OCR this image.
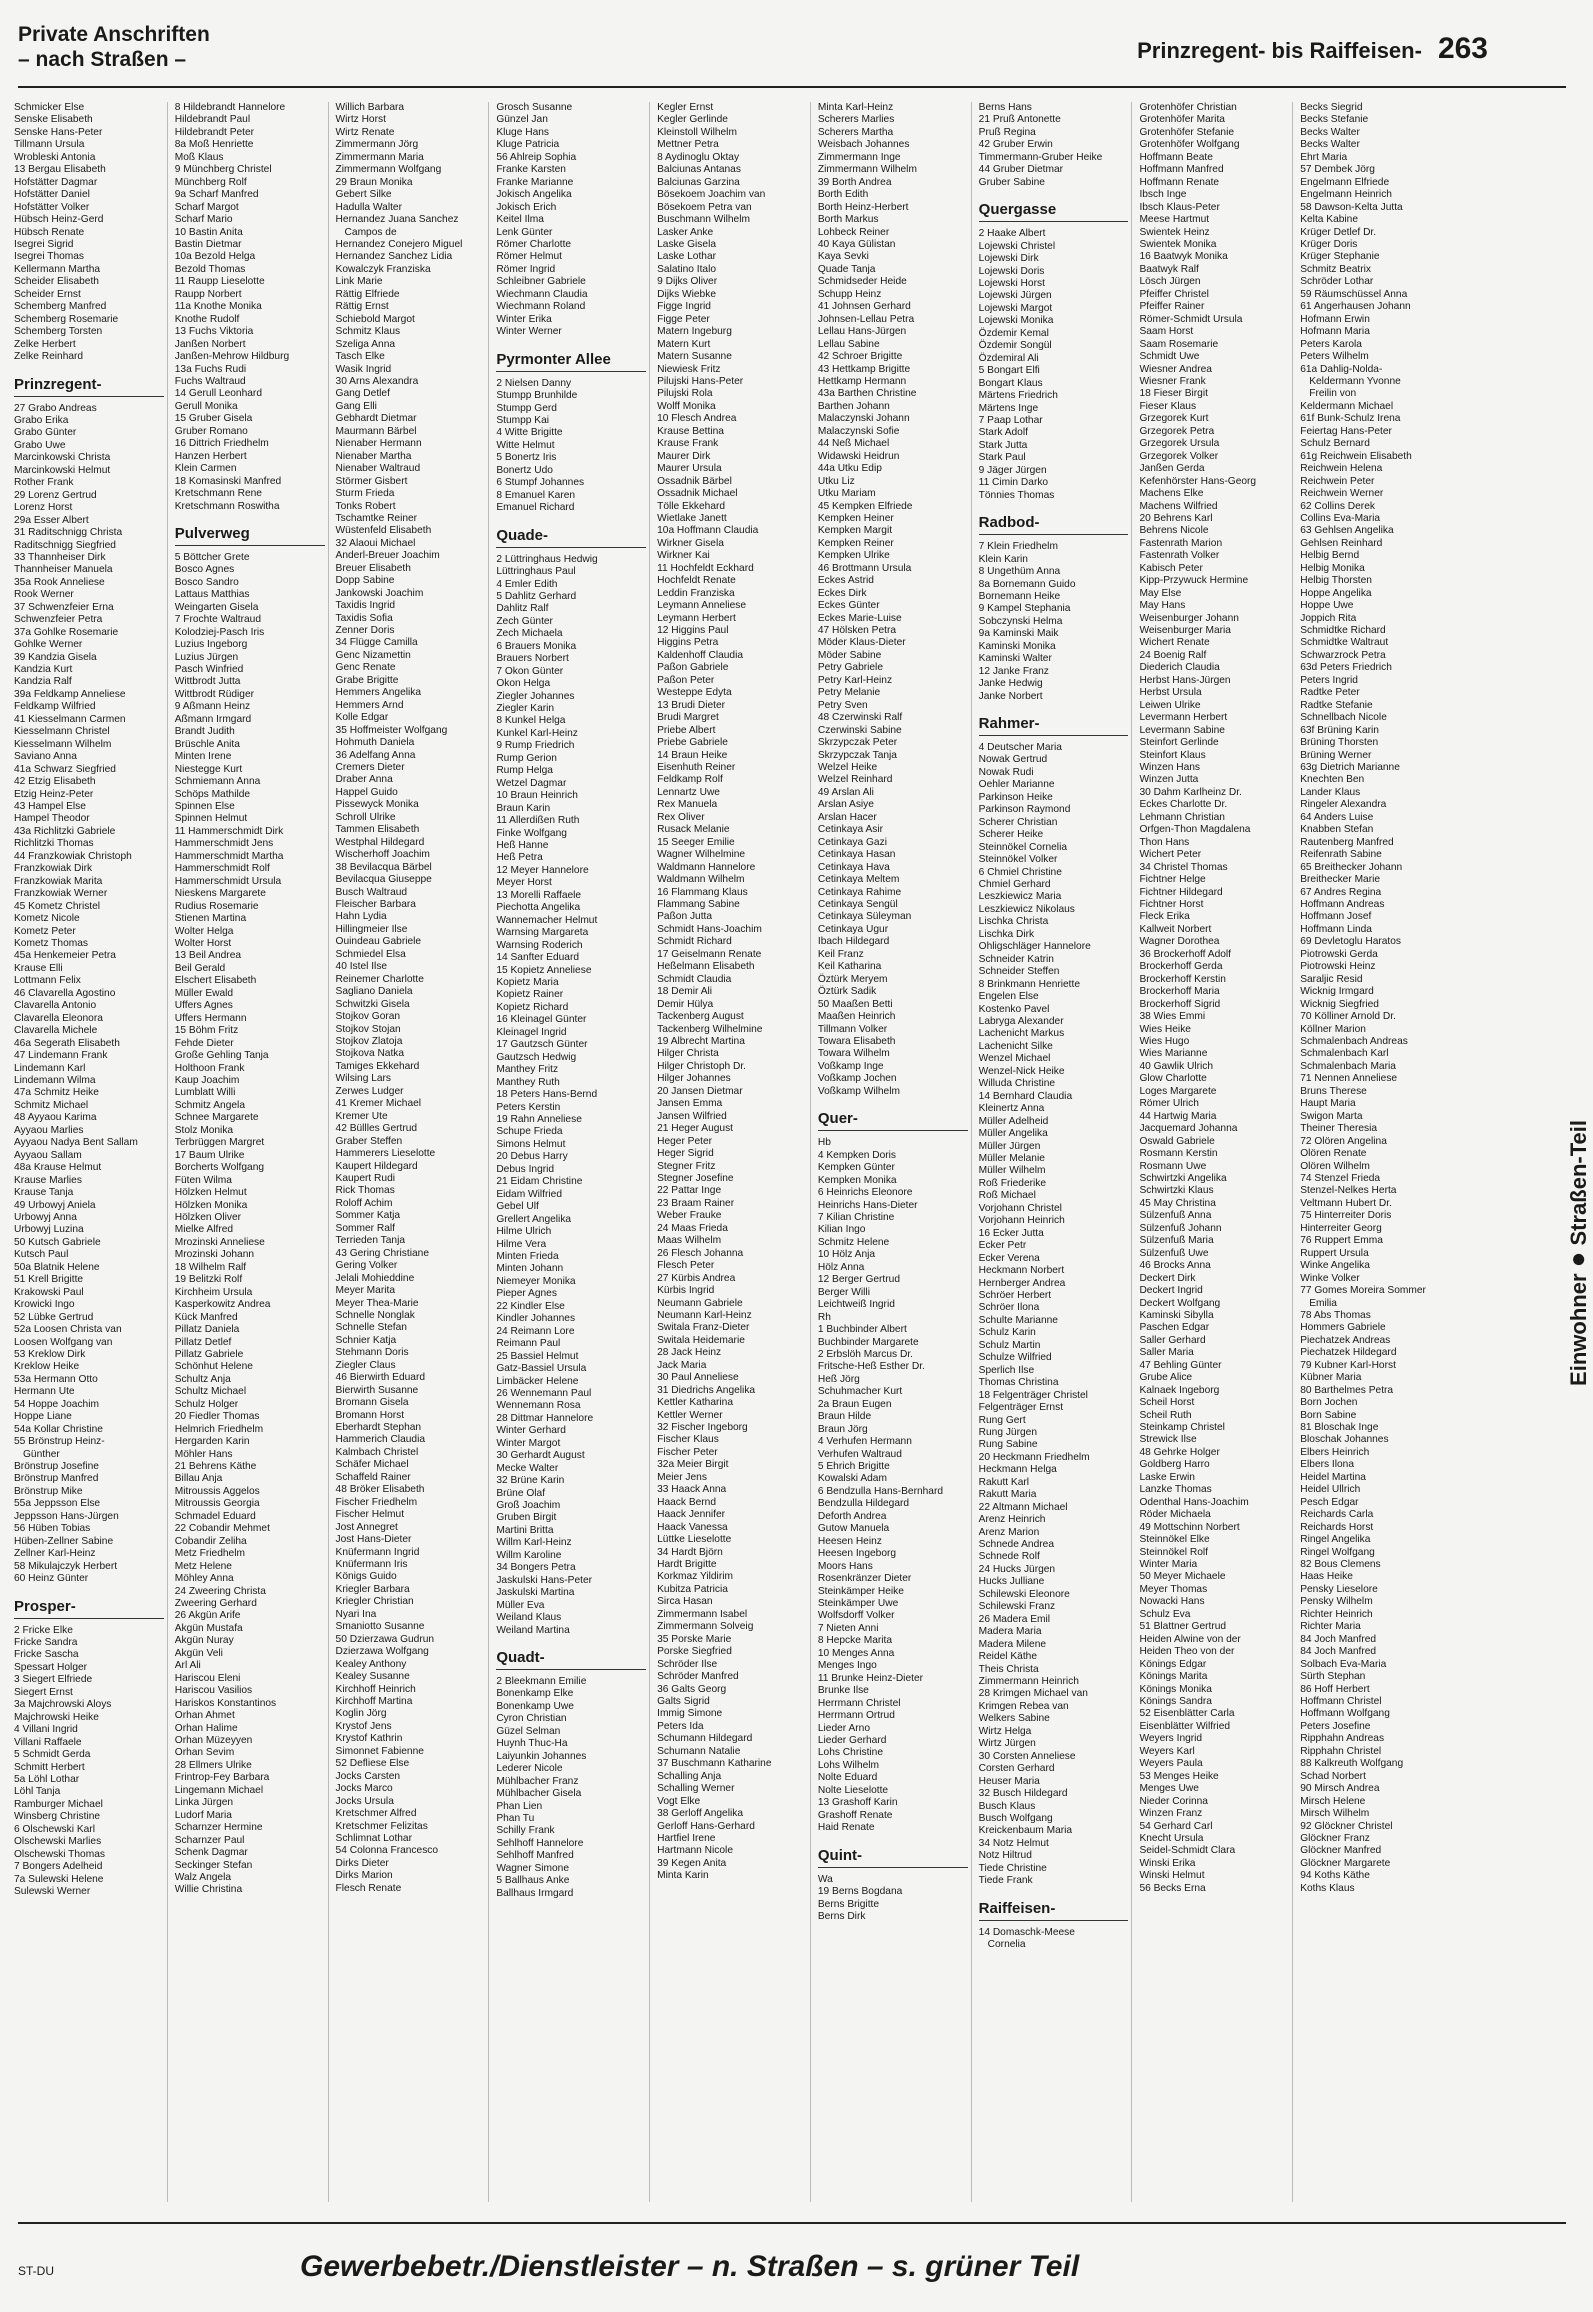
Private Anschriften
– nach Straßen –	Prinzregent- bis Raiffeisen- 263
Schmicker Else
Senske Elisabeth
Senske Hans-Peter
Tillmann Ursula
Wrobleski Antonia
13 Bergau Elisabeth
Hofstätter Dagmar
Hofstätter Daniel
Hofstätter Volker
Hübsch Heinz-Gerd
Hübsch Renate
Isegrei Sigrid
Isegrei Thomas
Kellermann Martha
Scheider Elisabeth
Scheider Ernst
Schemberg Manfred
Schemberg Rosemarie
Schemberg Torsten
Zelke Herbert
Zelke Reinhard
Prinzregent-
27 Grabo Andreas
Grabo Erika
Grabo Günter
Grabo Uwe
Marcinkowski Christa
Marcinkowski Helmut
Rother Frank
29 Lorenz Gertrud
Lorenz Horst
29a Esser Albert
31 Raditschnigg Christa
Raditschnigg Siegfried
33 Thannheiser Dirk
Thannheiser Manuela
35a Rook Anneliese
Rook Werner
37 Schwenzfeier Erna
Schwenzfeier Petra
37a Gohlke Rosemarie
Gohlke Werner
39 Kandzia Gisela
Kandzia Kurt
Kandzia Ralf
39a Feldkamp Anneliese
Feldkamp Wilfried
41 Kiesselmann Carmen
Kiesselmann Christel
Kiesselmann Wilhelm
Saviano Anna
41a Schwarz Siegfried
42 Etzig Elisabeth
Etzig Heinz-Peter
43 Hampel Else
Hampel Theodor
43a Richlitzki Gabriele
Richlitzki Thomas
44 Franzkowiak Christoph
Franzkowiak Dirk
Franzkowiak Marita
Franzkowiak Werner
45 Kometz Christel
Kometz Nicole
Kometz Peter
Kometz Thomas
45a Henkemeier Petra
Krause Elli
Lottmann Felix
46 Clavarella Agostino
Clavarella Antonio
Clavarella Eleonora
Clavarella Michele
46a Segerath Elisabeth
47 Lindemann Frank
Lindemann Karl
Lindemann Wilma
47a Schmitz Heike
Schmitz Michael
48 Ayyaou Karima
Ayyaou Marlies
Ayyaou Nadya Bent Sallam
Ayyaou Sallam
48a Krause Helmut
Krause Marlies
Krause Tanja
49 Urbowyj Aniela
Urbowyj Anna
Urbowyj Luzina
50 Kutsch Gabriele
Kutsch Paul
50a Blatnik Helene
51 Krell Brigitte
Krakowski Paul
Krowicki Ingo
52 Lübke Gertrud
52a Loosen Christa van
Loosen Wolfgang van
53 Kreklow Dirk
Kreklow Heike
53a Hermann Otto
Hermann Ute
54 Hoppe Joachim
Hoppe Liane
54a Kollar Christine
55 Brönstrup Heinz-
Günther
Brönstrup Josefine
Brönstrup Manfred
Brönstrup Mike
55a Jeppsson Else
Jeppsson Hans-Jürgen
56 Hüben Tobias
Hüben-Zellner Sabine
Zellner Karl-Heinz
58 Mikulajczyk Herbert
60 Heinz Günter
Prosper-
2 Fricke Elke
Fricke Sandra
Fricke Sascha
Spessart Holger
3 Siegert Elfriede
Siegert Ernst
3a Majchrowski Aloys
Majchrowski Heike
4 Villani Ingrid
Villani Raffaele
5 Schmidt Gerda
Schmitt Herbert
5a Löhl Lothar
Löhl Tanja
Ramburger Michael
Winsberg Christine
6 Olschewski Karl
Olschewski Marlies
Olschewski Thomas
7 Bongers Adelheid
7a Sulewski Helene
Sulewski Werner
8 Hildebrandt Hannelore
Hildebrandt Paul
Hildebrandt Peter
8a Moß Henriette
Moß Klaus
9 Münchberg Christel
Münchberg Rolf
9a Scharf Manfred
Scharf Margot
Scharf Mario
10 Bastin Anita
Bastin Dietmar
10a Bezold Helga
Bezold Thomas
11 Raupp Lieselotte
Raupp Norbert
11a Knothe Monika
Knothe Rudolf
13 Fuchs Viktoria
Janßen Norbert
Janßen-Mehrow Hildburg
13a Fuchs Rudi
Fuchs Waltraud
14 Gerull Leonhard
Gerull Monika
15 Gruber Gisela
Gruber Romano
16 Dittrich Friedhelm
Hanzen Herbert
Klein Carmen
18 Komasinski Manfred
Kretschmann Rene
Kretschmann Roswitha
Pulverweg
5 Böttcher Grete
Bosco Agnes
Bosco Sandro
Lattaus Matthias
Weingarten Gisela
7 Frochte Waltraud
Kolodziej-Pasch Iris
Luzius Ingeborg
Luzius Jürgen
Pasch Winfried
Wittbrodt Jutta
Wittbrodt Rüdiger
9 Aßmann Heinz
Aßmann Irmgard
Brandt Judith
Brüschle Anita
Minten Irene
Niestegge Kurt
Schmiemann Anna
Schöps Mathilde
Spinnen Else
Spinnen Helmut
11 Hammerschmidt Dirk
Hammerschmidt Jens
Hammerschmidt Martha
Hammerschmidt Rolf
Hammerschmidt Ursula
Nieskens Margarete
Rudius Rosemarie
Stienen Martina
Wolter Helga
Wolter Horst
13 Beil Andrea
Beil Gerald
Elschert Elisabeth
Müller Ewald
Uffers Agnes
Uffers Hermann
15 Böhm Fritz
Fehde Dieter
Große Gehling Tanja
Holthoon Frank
Kaup Joachim
Lumblatt Willi
Schmitz Angela
Schnee Margarete
Stolz Monika
Terbrüggen Margret
17 Baum Ulrike
Borcherts Wolfgang
Füten Wilma
Hölzken Helmut
Hölzken Monika
Hölzken Oliver
Mielke Alfred
Mrozinski Anneliese
Mrozinski Johann
18 Wilhelm Ralf
19 Belitzki Rolf
Kirchheim Ursula
Kasperkowitz Andrea
Kück Manfred
Pillatz Daniela
Pillatz Detlef
Pillatz Gabriele
Schönhut Helene
Schultz Anja
Schultz Michael
Schulz Holger
20 Fiedler Thomas
Helmrich Friedhelm
Hergarden Karin
Möhler Hans
21 Behrens Käthe
Billau Anja
Mitroussis Aggelos
Mitroussis Georgia
Schmadel Eduard
22 Cobandir Mehmet
Cobandir Zeliha
Metz Friedhelm
Metz Helene
Möhley Anna
24 Zweering Christa
Zweering Gerhard
26 Akgün Arife
Akgün Mustafa
Akgün Nuray
Akgün Veli
Arl Ali
Hariscou Eleni
Hariscou Vasilios
Hariskos Konstantinos
Orhan Ahmet
Orhan Halime
Orhan Müzeyyen
Orhan Sevim
28 Ellmers Ulrike
Frintrop-Fey Barbara
Lingemann Michael
Linka Jürgen
Ludorf Maria
Scharnzer Hermine
Scharnzer Paul
Schenk Dagmar
Seckinger Stefan
Walz Angela
Willie Christina
Willich Barbara
Wirtz Horst
Wirtz Renate
Zimmermann Jörg
Zimmermann Maria
Zimmermann Wolfgang
29 Braun Monika
Gebert Silke
Hadulla Walter
Hernandez Juana Sanchez
Campos de
Hernandez Conejero Miguel
Hernandez Sanchez Lidia
Kowalczyk Franziska
Link Marie
Rättig Elfriede
Rättig Ernst
Schiebold Margot
Schmitz Klaus
Szeliga Anna
Tasch Elke
Wasik Ingrid
30 Arns Alexandra
Gang Detlef
Gang Elli
Gebhardt Dietmar
Maurmann Bärbel
Nienaber Hermann
Nienaber Martha
Nienaber Waltraud
Störmer Gisbert
Sturm Frieda
Tonks Robert
Tschamtke Reiner
Wüstenfeld Elisabeth
32 Alaoui Michael
Anderl-Breuer Joachim
Breuer Elisabeth
Dopp Sabine
Jankowski Joachim
Taxidis Ingrid
Taxidis Sofia
Zenner Doris
34 Flügge Camilla
Genc Nizamettin
Genc Renate
Grabe Brigitte
Hemmers Angelika
Hemmers Arnd
Kolle Edgar
35 Hoffmeister Wolfgang
Hohmuth Daniela
36 Adelfang Anna
Cremers Dieter
Draber Anna
Happel Guido
Pissewyck Monika
Schroll Ulrike
Tammen Elisabeth
Westphal Hildegard
Wischerhoff Joachim
38 Bevilacqua Bärbel
Bevilacqua Giuseppe
Busch Waltraud
Fleischer Barbara
Hahn Lydia
Hillingmeier Ilse
Ouindeau Gabriele
Schmiedel Elsa
40 Istel Ilse
Reinemer Charlotte
Sagliano Daniela
Schwitzki Gisela
Stojkov Goran
Stojkov Stojan
Stojkov Zlatoja
Stojkova Natka
Tamiges Ekkehard
Wilsing Lars
Zerwes Ludger
41 Kremer Michael
Kremer Ute
42 Büllles Gertrud
Graber Steffen
Hammerers Lieselotte
Kaupert Hildegard
Kaupert Rudi
Rick Thomas
Roloff Achim
Sommer Katja
Sommer Ralf
Terrieden Tanja
43 Gering Christiane
Gering Volker
Jelali Mohieddine
Meyer Marita
Meyer Thea-Marie
Schnelle Nonglak
Schnelle Stefan
Schnier Katja
Stehmann Doris
Ziegler Claus
46 Bierwirth Eduard
Bierwirth Susanne
Bromann Gisela
Bromann Horst
Eberhardt Stephan
Hammerich Claudia
Kalmbach Christel
Schäfer Michael
Schaffeld Rainer
48 Bröker Elisabeth
Fischer Friedhelm
Fischer Helmut
Jost Annegret
Jost Hans-Dieter
Knüfermann Ingrid
Knüfermann Iris
Königs Guido
Kriegler Barbara
Kriegler Christian
Nyari Ina
Smaniotto Susanne
50 Dzierzawa Gudrun
Dzierzawa Wolfgang
Kealey Anthony
Kealey Susanne
Kirchhoff Heinrich
Kirchhoff Martina
Koglin Jörg
Krystof Jens
Krystof Kathrin
Simonnet Fabienne
52 Defliese Else
Jocks Carsten
Jocks Marco
Jocks Ursula
Kretschmer Alfred
Kretschmer Felizitas
Schlimnat Lothar
54 Colonna Francesco
Dirks Dieter
Dirks Marion
Flesch Renate
Grosch Susanne
Günzel Jan
Kluge Hans
Kluge Patricia
56 Ahlreip Sophia
Franke Karsten
Franke Marianne
Jokisch Angelika
Jokisch Erich
Keitel Ilma
Lenk Günter
Römer Charlotte
Römer Helmut
Römer Ingrid
Schleibner Gabriele
Wiechmann Claudia
Wiechmann Roland
Winter Erika
Winter Werner
Pyrmonter Allee
2 Nielsen Danny
Stumpp Brunhilde
Stumpp Gerd
Stumpp Kai
4 Witte Brigitte
Witte Helmut
5 Bonertz Iris
Bonertz Udo
6 Stumpf Johannes
8 Emanuel Karen
Emanuel Richard
Quade-
2 Lüttringhaus Hedwig
Lüttringhaus Paul
4 Emler Edith
5 Dahlitz Gerhard
Dahlitz Ralf
Zech Günter
Zech Michaela
6 Brauers Monika
Brauers Norbert
7 Okon Günter
Okon Helga
Ziegler Johannes
Ziegler Karin
8 Kunkel Helga
Kunkel Karl-Heinz
9 Rump Friedrich
Rump Gerion
Rump Helga
Wetzel Dagmar
10 Braun Heinrich
Braun Karin
11 Allerdißen Ruth
Finke Wolfgang
Heß Hanne
Heß Petra
12 Meyer Hannelore
Meyer Horst
13 Morelli Raffaele
Piechotta Angelika
Wannemacher Helmut
Warnsing Margareta
Warnsing Roderich
14 Sanfter Eduard
15 Kopietz Anneliese
Kopietz Maria
Kopietz Rainer
Kopietz Richard
16 Kleinagel Günter
Kleinagel Ingrid
17 Gautzsch Günter
Gautzsch Hedwig
Manthey Fritz
Manthey Ruth
18 Peters Hans-Bernd
Peters Kerstin
19 Rahn Anneliese
Schupe Frieda
Simons Helmut
20 Debus Harry
Debus Ingrid
21 Eidam Christine
Eidam Wilfried
Gebel Ulf
Grellert Angelika
Hilme Ulrich
Hilme Vera
Minten Frieda
Minten Johann
Niemeyer Monika
Pieper Agnes
22 Kindler Else
Kindler Johannes
24 Reimann Lore
Reimann Paul
25 Bassiel Helmut
Gatz-Bassiel Ursula
Limbäcker Helene
26 Wennemann Paul
Wennemann Rosa
28 Dittmar Hannelore
Winter Gerhard
Winter Margot
30 Gerhardt August
Mecke Walter
32 Brüne Karin
Brüne Olaf
Groß Joachim
Gruben Birgit
Martini Britta
Willm Karl-Heinz
Willm Karoline
34 Bongers Petra
Jaskulski Hans-Peter
Jaskulski Martina
Müller Eva
Weiland Klaus
Weiland Martina
Quadt-
2 Bleekmann Emilie
Bonenkamp Elke
Bonenkamp Uwe
Cyron Christian
Güzel Selman
Huynh Thuc-Ha
Laiyunkin Johannes
Lederer Nicole
Mühlbacher Franz
Mühlbacher Gisela
Phan Lien
Phan Tu
Schilly Frank
Sehlhoff Hannelore
Sehlhoff Manfred
Wagner Simone
5 Ballhaus Anke
Ballhaus Irmgard
Kegler Ernst
Kegler Gerlinde
Kleinstoll Wilhelm
Mettner Petra
8 Aydinoglu Oktay
Balciunas Antanas
Balciunas Garzina
Bösekoem Joachim van
Bösekoem Petra van
Buschmann Wilhelm
Lasker Anke
Laske Gisela
Laske Lothar
Salatino Italo
9 Dijks Oliver
Dijks Wiebke
Figge Ingrid
Figge Peter
Matern Ingeburg
Matern Kurt
Matern Susanne
Niewiesk Fritz
Pilujski Hans-Peter
Pilujski Rola
Wolff Monika
10 Flesch Andrea
Krause Bettina
Krause Frank
Maurer Dirk
Maurer Ursula
Ossadnik Bärbel
Ossadnik Michael
Tölle Ekkehard
Wietlake Janett
10a Hoffmann Claudia
Wirkner Gisela
Wirkner Kai
11 Hochfeldt Eckhard
Hochfeldt Renate
Leddin Franziska
Leymann Anneliese
Leymann Herbert
12 Higgins Paul
Higgins Petra
Kaldenhoff Claudia
Paßon Gabriele
Paßon Peter
Westeppe Edyta
13 Brudi Dieter
Brudi Margret
Priebe Albert
Priebe Gabriele
14 Braun Heike
Eisenhuth Reiner
Feldkamp Rolf
Lennartz Uwe
Rex Manuela
Rex Oliver
Rusack Melanie
15 Seeger Emilie
Wagner Wilhelmine
Waldmann Hannelore
Waldmann Wilhelm
16 Flammang Klaus
Flammang Sabine
Paßon Jutta
Schmidt Hans-Joachim
Schmidt Richard
17 Geiselmann Renate
Heßelmann Elisabeth
Schmidt Claudia
18 Demir Ali
Demir Hülya
Tackenberg August
Tackenberg Wilhelmine
19 Albrecht Martina
Hilger Christa
Hilger Christoph Dr.
Hilger Johannes
20 Jansen Dietmar
Jansen Emma
Jansen Wilfried
21 Heger August
Heger Peter
Heger Sigrid
Stegner Fritz
Stegner Josefine
22 Pattar Inge
23 Braam Rainer
Weber Frauke
24 Maas Frieda
Maas Wilhelm
26 Flesch Johanna
Flesch Peter
27 Kürbis Andrea
Kürbis Ingrid
Neumann Gabriele
Neumann Karl-Heinz
Switala Franz-Dieter
Switala Heidemarie
28 Jack Heinz
Jack Maria
30 Paul Anneliese
31 Diedrichs Angelika
Kettler Katharina
Kettler Werner
32 Fischer Ingeborg
Fischer Klaus
Fischer Peter
32a Meier Birgit
Meier Jens
33 Haack Anna
Haack Bernd
Haack Jennifer
Haack Vanessa
Lüttke Lieselotte
34 Hardt Björn
Hardt Brigitte
Korkmaz Yildirim
Kubitza Patricia
Sirca Hasan
Zimmermann Isabel
Zimmermann Solveig
35 Porske Marie
Porske Siegfried
Schröder Ilse
Schröder Manfred
36 Galts Georg
Galts Sigrid
Immig Simone
Peters Ida
Schumann Hildegard
Schumann Natalie
37 Buschmann Katharine
Schalling Anja
Schalling Werner
Vogt Elke
38 Gerloff Angelika
Gerloff Hans-Gerhard
Hartfiel Irene
Hartmann Nicole
39 Kegen Anita
Minta Karin
Minta Karl-Heinz
Scherers Marlies
Scherers Martha
Weisbach Johannes
Zimmermann Inge
Zimmermann Wilhelm
39 Borth Andrea
Borth Edith
Borth Heinz-Herbert
Borth Markus
Lohbeck Reiner
40 Kaya Gülistan
Kaya Sevki
Quade Tanja
Schmidseder Heide
Schupp Heinz
41 Johnsen Gerhard
Johnsen-Lellau Petra
Lellau Hans-Jürgen
Lellau Sabine
42 Schroer Brigitte
43 Hettkamp Brigitte
Hettkamp Hermann
43a Barthen Christine
Barthen Johann
Malaczynski Johann
Malaczynski Sofie
44 Neß Michael
Widawski Heidrun
44a Utku Edip
Utku Liz
Utku Mariam
45 Kempken Elfriede
Kempken Heiner
Kempken Margit
Kempken Reiner
Kempken Ulrike
46 Brottmann Ursula
Eckes Astrid
Eckes Dirk
Eckes Günter
Eckes Marie-Luise
47 Hölsken Petra
Möder Klaus-Dieter
Möder Sabine
Petry Gabriele
Petry Karl-Heinz
Petry Melanie
Petry Sven
48 Czerwinski Ralf
Czerwinski Sabine
Skrzypczak Peter
Skrzypczak Tanja
Welzel Heike
Welzel Reinhard
49 Arslan Ali
Arslan Asiye
Arslan Hacer
Cetinkaya Asir
Cetinkaya Gazi
Cetinkaya Hasan
Cetinkaya Hava
Cetinkaya Meltem
Cetinkaya Rahime
Cetinkaya Sengül
Cetinkaya Süleyman
Cetinkaya Ugur
Ibach Hildegard
Keil Franz
Keil Katharina
Öztürk Meryem
Öztürk Sadik
50 Maaßen Betti
Maaßen Heinrich
Tillmann Volker
Towara Elisabeth
Towara Wilhelm
Voßkamp Inge
Voßkamp Jochen
Voßkamp Wilhelm
Quer-
Hb
4 Kempken Doris
Kempken Günter
Kempken Monika
6 Heinrichs Eleonore
Heinrichs Hans-Dieter
7 Kilian Christine
Kilian Ingo
Schmitz Helene
10 Hölz Anja
Hölz Anna
12 Berger Gertrud
Berger Willi
Leichtweiß Ingrid
Rh
1 Buchbinder Albert
Buchbinder Margarete
2 Erbslöh Marcus Dr.
Fritsche-Heß Esther Dr.
Heß Jörg
Schuhmacher Kurt
2a Braun Eugen
Braun Hilde
Braun Jörg
4 Verhufen Hermann
Verhufen Waltraud
5 Ehrich Brigitte
Kowalski Adam
6 Bendzulla Hans-Bernhard
Bendzulla Hildegard
Deforth Andrea
Gutow Manuela
Heesen Heinz
Heesen Ingeborg
Moors Hans
Rosenkränzer Dieter
Steinkämper Heike
Steinkämper Uwe
Wolfsdorff Volker
7 Nieten Anni
8 Hepcke Marita
10 Menges Anna
Menges Ingo
11 Brunke Heinz-Dieter
Brunke Ilse
Herrmann Christel
Herrmann Ortrud
Lieder Arno
Lieder Gerhard
Lohs Christine
Lohs Wilhelm
Nolte Eduard
Nolte Lieselotte
13 Grashoff Karin
Grashoff Renate
Haid Renate
Quint-
Wa
19 Berns Bogdana
Berns Brigitte
Berns Dirk
Berns Hans
21 Pruß Antonette
Pruß Regina
42 Gruber Erwin
Timmermann-Gruber Heike
44 Gruber Dietmar
Gruber Sabine
Quergasse
2 Haake Albert
Lojewski Christel
Lojewski Dirk
Lojewski Doris
Lojewski Horst
Lojewski Jürgen
Lojewski Margot
Lojewski Monika
Özdemir Kemal
Özdemir Songül
Özdemiral Ali
5 Bongart Elfi
Bongart Klaus
Märtens Friedrich
Märtens Inge
7 Paap Lothar
Stark Adolf
Stark Jutta
Stark Paul
9 Jäger Jürgen
11 Cimin Darko
Tönnies Thomas
Radbod-
7 Klein Friedhelm
Klein Karin
8 Ungethüm Anna
8a Bornemann Guido
Bornemann Heike
9 Kampel Stephania
Sobczynski Helma
9a Kaminski Maik
Kaminski Monika
Kaminski Walter
12 Janke Franz
Janke Hedwig
Janke Norbert
Rahmer-
4 Deutscher Maria
Nowak Gertrud
Nowak Rudi
Oehler Marianne
Parkinson Heike
Parkinson Raymond
Scherer Christian
Scherer Heike
Steinnökel Cornelia
Steinnökel Volker
6 Chmiel Christine
Chmiel Gerhard
Leszkiewicz Maria
Leszkiewicz Nikolaus
Lischka Christa
Lischka Dirk
Ohligschläger Hannelore
Schneider Katrin
Schneider Steffen
8 Brinkmann Henriette
Engelen Else
Kostenko Pavel
Labryga Alexander
Lachenicht Markus
Lachenicht Silke
Wenzel Michael
Wenzel-Nick Heike
Willuda Christine
14 Bernhard Claudia
Kleinertz Anna
Müller Adelheid
Müller Angelika
Müller Jürgen
Müller Melanie
Müller Wilhelm
Roß Friederike
Roß Michael
Vorjohann Christel
Vorjohann Heinrich
16 Ecker Jutta
Ecker Petr
Ecker Verena
Heckmann Norbert
Hernberger Andrea
Schröer Herbert
Schröer Ilona
Schulte Marianne
Schulz Karin
Schulz Martin
Schulze Wilfried
Sperlich Ilse
Thomas Christina
18 Felgenträger Christel
Felgenträger Ernst
Rung Gert
Rung Jürgen
Rung Sabine
20 Heckmann Friedhelm
Heckmann Helga
Rakutt Karl
Rakutt Maria
22 Altmann Michael
Arenz Heinrich
Arenz Marion
Schnede Andrea
Schnede Rolf
24 Hucks Jürgen
Hucks Julliane
Schilewski Eleonore
Schilewski Franz
26 Madera Emil
Madera Maria
Madera Milene
Reidel Käthe
Theis Christa
Zimmermann Heinrich
28 Krimgen Michael van
Krimgen Rebea van
Welkers Sabine
Wirtz Helga
Wirtz Jürgen
30 Corsten Anneliese
Corsten Gerhard
Heuser Maria
32 Busch Hildegard
Busch Klaus
Busch Wolfgang
Kreickenbaum Maria
34 Notz Helmut
Notz Hiltrud
Tiede Christine
Tiede Frank
Raiffeisen-
14 Domaschk-Meese
Cornelia
Grotenhöfer Christian
Grotenhöfer Marita
Grotenhöfer Stefanie
Grotenhöfer Wolfgang
Hoffmann Beate
Hoffmann Manfred
Hoffmann Renate
Ibsch Inge
Ibsch Klaus-Peter
Meese Hartmut
Swientek Heinz
Swientek Monika
16 Baatwyk Monika
Baatwyk Ralf
Lösch Jürgen
Pfeiffer Christel
Pfeiffer Rainer
Römer-Schmidt Ursula
Saam Horst
Saam Rosemarie
Schmidt Uwe
Wiesner Andrea
Wiesner Frank
18 Fieser Birgit
Fieser Klaus
Grzegorek Kurt
Grzegorek Petra
Grzegorek Ursula
Grzegorek Volker
Janßen Gerda
Kefenhörster Hans-Georg
Machens Elke
Machens Wilfried
20 Behrens Karl
Behrens Nicole
Fastenrath Marion
Fastenrath Volker
Kabisch Peter
Kipp-Przywuck Hermine
May Else
May Hans
Weisenburger Johann
Weisenburger Maria
Wichert Renate
24 Boenig Ralf
Diederich Claudia
Herbst Hans-Jürgen
Herbst Ursula
Leiwen Ulrike
Levermann Herbert
Levermann Sabine
Steinfort Gerlinde
Steinfort Klaus
Winzen Hans
Winzen Jutta
30 Dahm Karlheinz Dr.
Eckes Charlotte Dr.
Lehmann Christian
Orfgen-Thon Magdalena
Thon Hans
Wichert Peter
34 Christel Thomas
Fichtner Helge
Fichtner Hildegard
Fichtner Horst
Fleck Erika
Kallweit Norbert
Wagner Dorothea
36 Brockerhoff Adolf
Brockerhoff Gerda
Brockerhoff Kerstin
Brockerhoff Maria
Brockerhoff Sigrid
38 Wies Emmi
Wies Heike
Wies Hugo
Wies Marianne
40 Gawlik Ulrich
Glow Charlotte
Loges Margarete
Römer Ulrich
44 Hartwig Maria
Jacquemard Johanna
Oswald Gabriele
Rosmann Kerstin
Rosmann Uwe
Schwirtzki Angelika
Schwirtzki Klaus
45 May Christina
Sülzenfuß Anna
Sülzenfuß Johann
Sülzenfuß Maria
Sülzenfuß Uwe
46 Brocks Anna
Deckert Dirk
Deckert Ingrid
Deckert Wolfgang
Kaminski Sibylla
Paschen Edgar
Saller Gerhard
Saller Maria
47 Behling Günter
Grube Alice
Kalnaek Ingeborg
Scheil Horst
Scheil Ruth
Steinkamp Christel
Strewick Ilse
48 Gehrke Holger
Goldberg Harro
Laske Erwin
Lanzke Thomas
Odenthal Hans-Joachim
Röder Michaela
49 Mottschinn Norbert
Steinnökel Elke
Steinnökel Rolf
Winter Maria
50 Meyer Michaele
Meyer Thomas
Nowacki Hans
Schulz Eva
51 Blattner Gertrud
Heiden Alwine von der
Heiden Theo von der
Könings Edgar
Könings Marita
Könings Monika
Könings Sandra
52 Eisenblätter Carla
Eisenblätter Wilfried
Weyers Ingrid
Weyers Karl
Weyers Paula
53 Menges Heike
Menges Uwe
Nieder Corinna
Winzen Franz
54 Gerhard Carl
Knecht Ursula
Seidel-Schmidt Clara
Winski Erika
Winski Helmut
56 Becks Erna
Becks Siegrid
Becks Stefanie
Becks Walter
Becks Walter
Ehrt Maria
57 Dembek Jörg
Engelmann Elfriede
Engelmann Heinrich
58 Dawson-Kelta Jutta
Kelta Kabine
Krüger Detlef Dr.
Krüger Doris
Krüger Stephanie
Schmitz Beatrix
Schröder Lothar
59 Räumschüssel Anna
61 Angerhausen Johann
Hofmann Erwin
Hofmann Maria
Peters Karola
Peters Wilhelm
61a Dahlig-Nolda-
Keldermann Yvonne
Freilin von
Keldermann Michael
61f Bunk-Schulz Irena
Feiertag Hans-Peter
Schulz Bernard
61g Reichwein Elisabeth
Reichwein Helena
Reichwein Peter
Reichwein Werner
62 Collins Derek
Collins Eva-Maria
63 Gehlsen Angelika
Gehlsen Reinhard
Helbig Bernd
Helbig Monika
Helbig Thorsten
Hoppe Angelika
Hoppe Uwe
Joppich Rita
Schmidtke Richard
Schmidtke Waltraut
Schwarzrock Petra
63d Peters Friedrich
Peters Ingrid
Radtke Peter
Radtke Stefanie
Schnellbach Nicole
63f Brüning Karin
Brüning Thorsten
Brüning Werner
63g Dietrich Marianne
Knechten Ben
Lander Klaus
Ringeler Alexandra
64 Anders Luise
Knabben Stefan
Rautenberg Manfred
Reifenrath Sabine
65 Breithecker Johann
Breithecker Marie
67 Andres Regina
Hoffmann Andreas
Hoffmann Josef
Hoffmann Linda
69 Devletoglu Haratos
Piotrowski Gerda
Piotrowski Heinz
Saraljic Resid
Wicknig Irmgard
Wicknig Siegfried
70 Kölliner Arnold Dr.
Köllner Marion
Schmalenbach Andreas
Schmalenbach Karl
Schmalenbach Maria
71 Nennen Anneliese
Bruns Therese
Haupt Maria
Swigon Marta
Theiner Theresia
72 Olören Angelina
Olören Renate
Olören Wilhelm
74 Stenzel Frieda
Stenzel-Nelkes Herta
Veltmann Hubert Dr.
75 Hinterreiter Doris
Hinterreiter Georg
76 Ruppert Emma
Ruppert Ursula
Winke Angelika
Winke Volker
77 Gomes Moreira Sommer
Emilia
78 Abs Thomas
Hommers Gabriele
Piechatzek Andreas
Piechatzek Hildegard
79 Kubner Karl-Horst
Kübner Maria
80 Barthelmes Petra
Born Jochen
Born Sabine
81 Bloschak Inge
Bloschak Johannes
Elbers Heinrich
Elbers Ilona
Heidel Martina
Heidel Ullrich
Pesch Edgar
Reichards Carla
Reichards Horst
Ringel Angelika
Ringel Wolfgang
82 Bous Clemens
Haas Heike
Pensky Lieselore
Pensky Wilhelm
Richter Heinrich
Richter Maria
84 Joch Manfred
84 Joch Manfred
Solbach Eva-Maria
Sürth Stephan
86 Hoff Herbert
Hoffmann Christel
Hoffmann Wolfgang
Peters Josefine
Ripphahn Andreas
Ripphahn Christel
88 Kalkreuth Wolfgang
Schad Norbert
90 Mirsch Andrea
Mirsch Helene
Mirsch Wilhelm
92 Glöckner Christel
Glöckner Franz
Glöckner Manfred
Glöckner Margarete
94 Koths Käthe
Koths Klaus
Einwohner ● Straßen-Teil
ST-DU	Gewerbebetr./Dienstleister – n. Straßen – s. grüner Teil
